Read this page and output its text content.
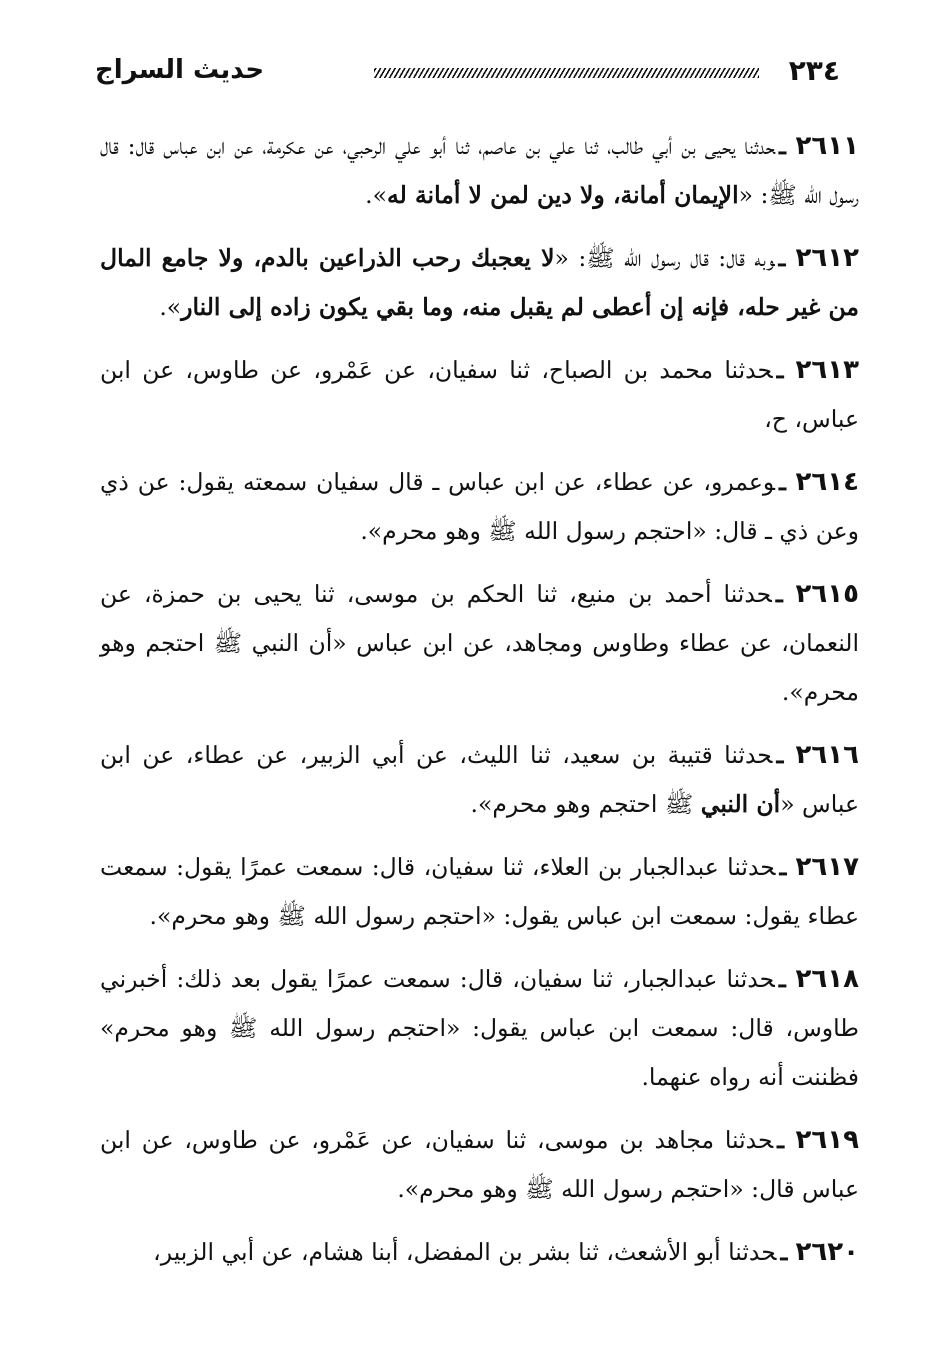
٢٣٤
حديث السراج

٢٦١١ ـحدثنا يحيى بن أبي طالب، ثنا علي بن عاصم، ثنا أبو علي الرحبي، عن عكرمة، عن ابن عباس قال: قال رسول الله ﷺ: «الإيمان أمانة، ولا دين لمن لا أمانة له».

٢٦١٢ ـوبه قال: قال رسول الله ﷺ: «لا يعجبك رحب الذراعين بالدم، ولا جامع المال من غير حله، فإنه إن أعطى لم يقبل منه، وما بقي يكون زاده إلى النار».

٢٦١٣ ـحدثنا محمد بن الصباح، ثنا سفيان، عن عَمْرو، عن طاوس، عن ابن عباس، ح،

٢٦١٤ ـوعمرو، عن عطاء، عن ابن عباس ـ قال سفيان سمعته يقول: عن ذي وعن ذي ـ قال: «احتجم رسول الله ﷺ وهو محرم».

٢٦١٥ ـحدثنا أحمد بن منيع، ثنا الحكم بن موسى، ثنا يحيى بن حمزة، عن النعمان، عن عطاء وطاوس ومجاهد، عن ابن عباس «أن النبي ﷺ احتجم وهو محرم».

٢٦١٦ ـحدثنا قتيبة بن سعيد، ثنا الليث، عن أبي الزبير، عن عطاء، عن ابن عباس «أن النبي ﷺ احتجم وهو محرم».

٢٦١٧ ـحدثنا عبدالجبار بن العلاء، ثنا سفيان، قال: سمعت عمرًا يقول: سمعت عطاء يقول: سمعت ابن عباس يقول: «احتجم رسول الله ﷺ وهو محرم».

٢٦١٨ ـحدثنا عبدالجبار، ثنا سفيان، قال: سمعت عمرًا يقول بعد ذلك: أخبرني طاوس، قال: سمعت ابن عباس يقول: «احتجم رسول الله ﷺ وهو محرم» فظننت أنه رواه عنهما.

٢٦١٩ ـحدثنا مجاهد بن موسى، ثنا سفيان، عن عَمْرو، عن طاوس، عن ابن عباس قال: «احتجم رسول الله ﷺ وهو محرم».

٢٦٢٠ ـحدثنا أبو الأشعث، ثنا بشر بن المفضل، أبنا هشام، عن أبي الزبير،
